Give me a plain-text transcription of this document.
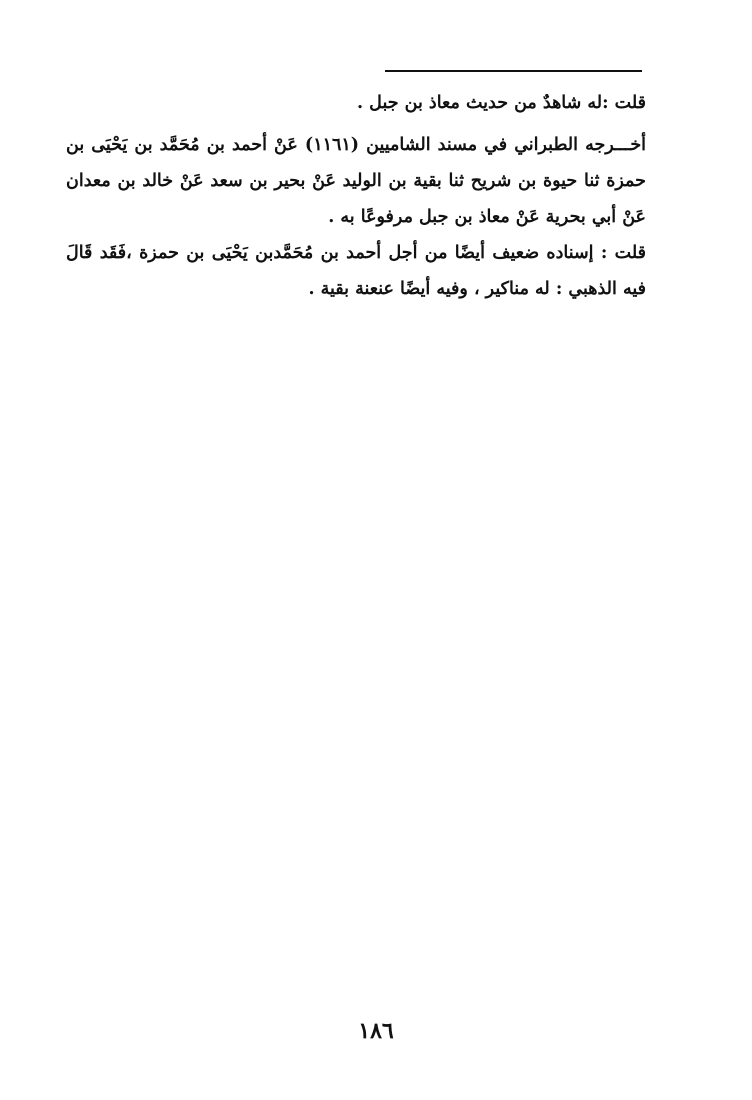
قلت :له شاهدٌ من حديث معاذ بن جبل .
أخـــرجه الطبراني في مسند الشاميين (١١٦١) عَنْ أحمد بن مُحَمَّد بن يَحْيَى بن
حمزة ثنا حيوة بن شريح ثنا بقية بن الوليد عَنْ بحير بن سعد عَنْ خالد بن معدان
عَنْ أبي بحرية عَنْ معاذ بن جبل مرفوعًا به .
قلت : إسناده ضعيف أيضًا من أجل أحمد بن مُحَمَّدبن يَحْيَى بن حمزة ،فَقَد قَالَ
فيه الذهبي : له مناكير ، وفيه أيضًا عنعنة بقية .
١٨٦
